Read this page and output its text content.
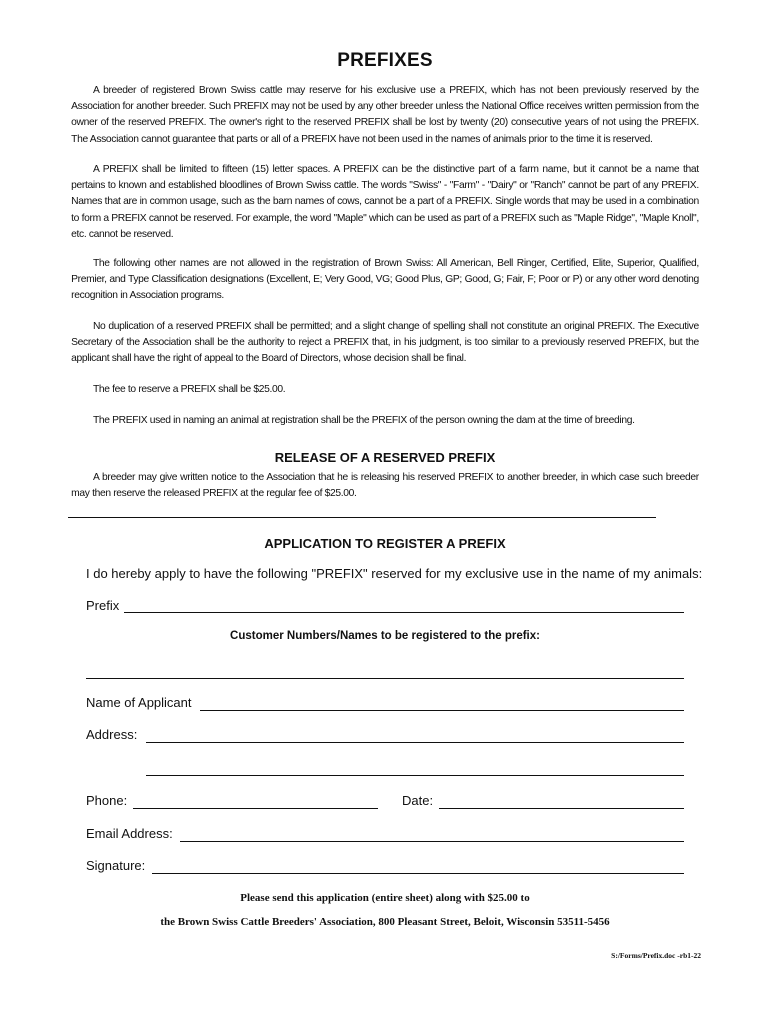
PREFIXES

A breeder of registered Brown Swiss cattle may reserve for his exclusive use a PREFIX, which has not been previously reserved by the Association for another breeder. Such PREFIX may not be used by any other breeder unless the National Office receives written permission from the owner of the reserved PREFIX. The owner's right to the reserved PREFIX shall be lost by twenty (20) consecutive years of not using the PREFIX. The Association cannot guarantee that parts or all of a PREFIX have not been used in the names of animals prior to the time it is reserved.

A PREFIX shall be limited to fifteen (15) letter spaces. A PREFIX can be the distinctive part of a farm name, but it cannot be a name that pertains to known and established bloodlines of Brown Swiss cattle. The words "Swiss" - "Farm" - "Dairy" or "Ranch" cannot be part of any PREFIX. Names that are in common usage, such as the barn names of cows, cannot be a part of a PREFIX. Single words that may be used in a combination to form a PREFIX cannot be reserved. For example, the word "Maple" which can be used as part of a PREFIX such as "Maple Ridge", "Maple Knoll", etc. cannot be reserved.

The following other names are not allowed in the registration of Brown Swiss: All American, Bell Ringer, Certified, Elite, Superior, Qualified, Premier, and Type Classification designations (Excellent, E; Very Good, VG; Good Plus, GP; Good, G; Fair, F; Poor or P) or any other word denoting recognition in Association programs.

No duplication of a reserved PREFIX shall be permitted; and a slight change of spelling shall not constitute an original PREFIX. The Executive Secretary of the Association shall be the authority to reject a PREFIX that, in his judgment, is too similar to a previously reserved PREFIX, but the applicant shall have the right of appeal to the Board of Directors, whose decision shall be final.

The fee to reserve a PREFIX shall be $25.00.

The PREFIX used in naming an animal at registration shall be the PREFIX of the person owning the dam at the time of breeding.

RELEASE OF A RESERVED PREFIX

A breeder may give written notice to the Association that he is releasing his reserved PREFIX to another breeder, in which case such breeder may then reserve the released PREFIX at the regular fee of $25.00.

APPLICATION TO REGISTER A PREFIX
I do hereby apply to have the following "PREFIX" reserved for my exclusive use in the name of my animals:
Prefix
Customer Numbers/Names to be registered to the prefix:
Name of Applicant
Address:
Phone:	Date:
Email Address:
Signature:
Please send this application (entire sheet) along with $25.00 to
the Brown Swiss Cattle Breeders' Association, 800 Pleasant Street, Beloit, Wisconsin 53511-5456
S:/Forms/Prefix.doc -rb1-22
